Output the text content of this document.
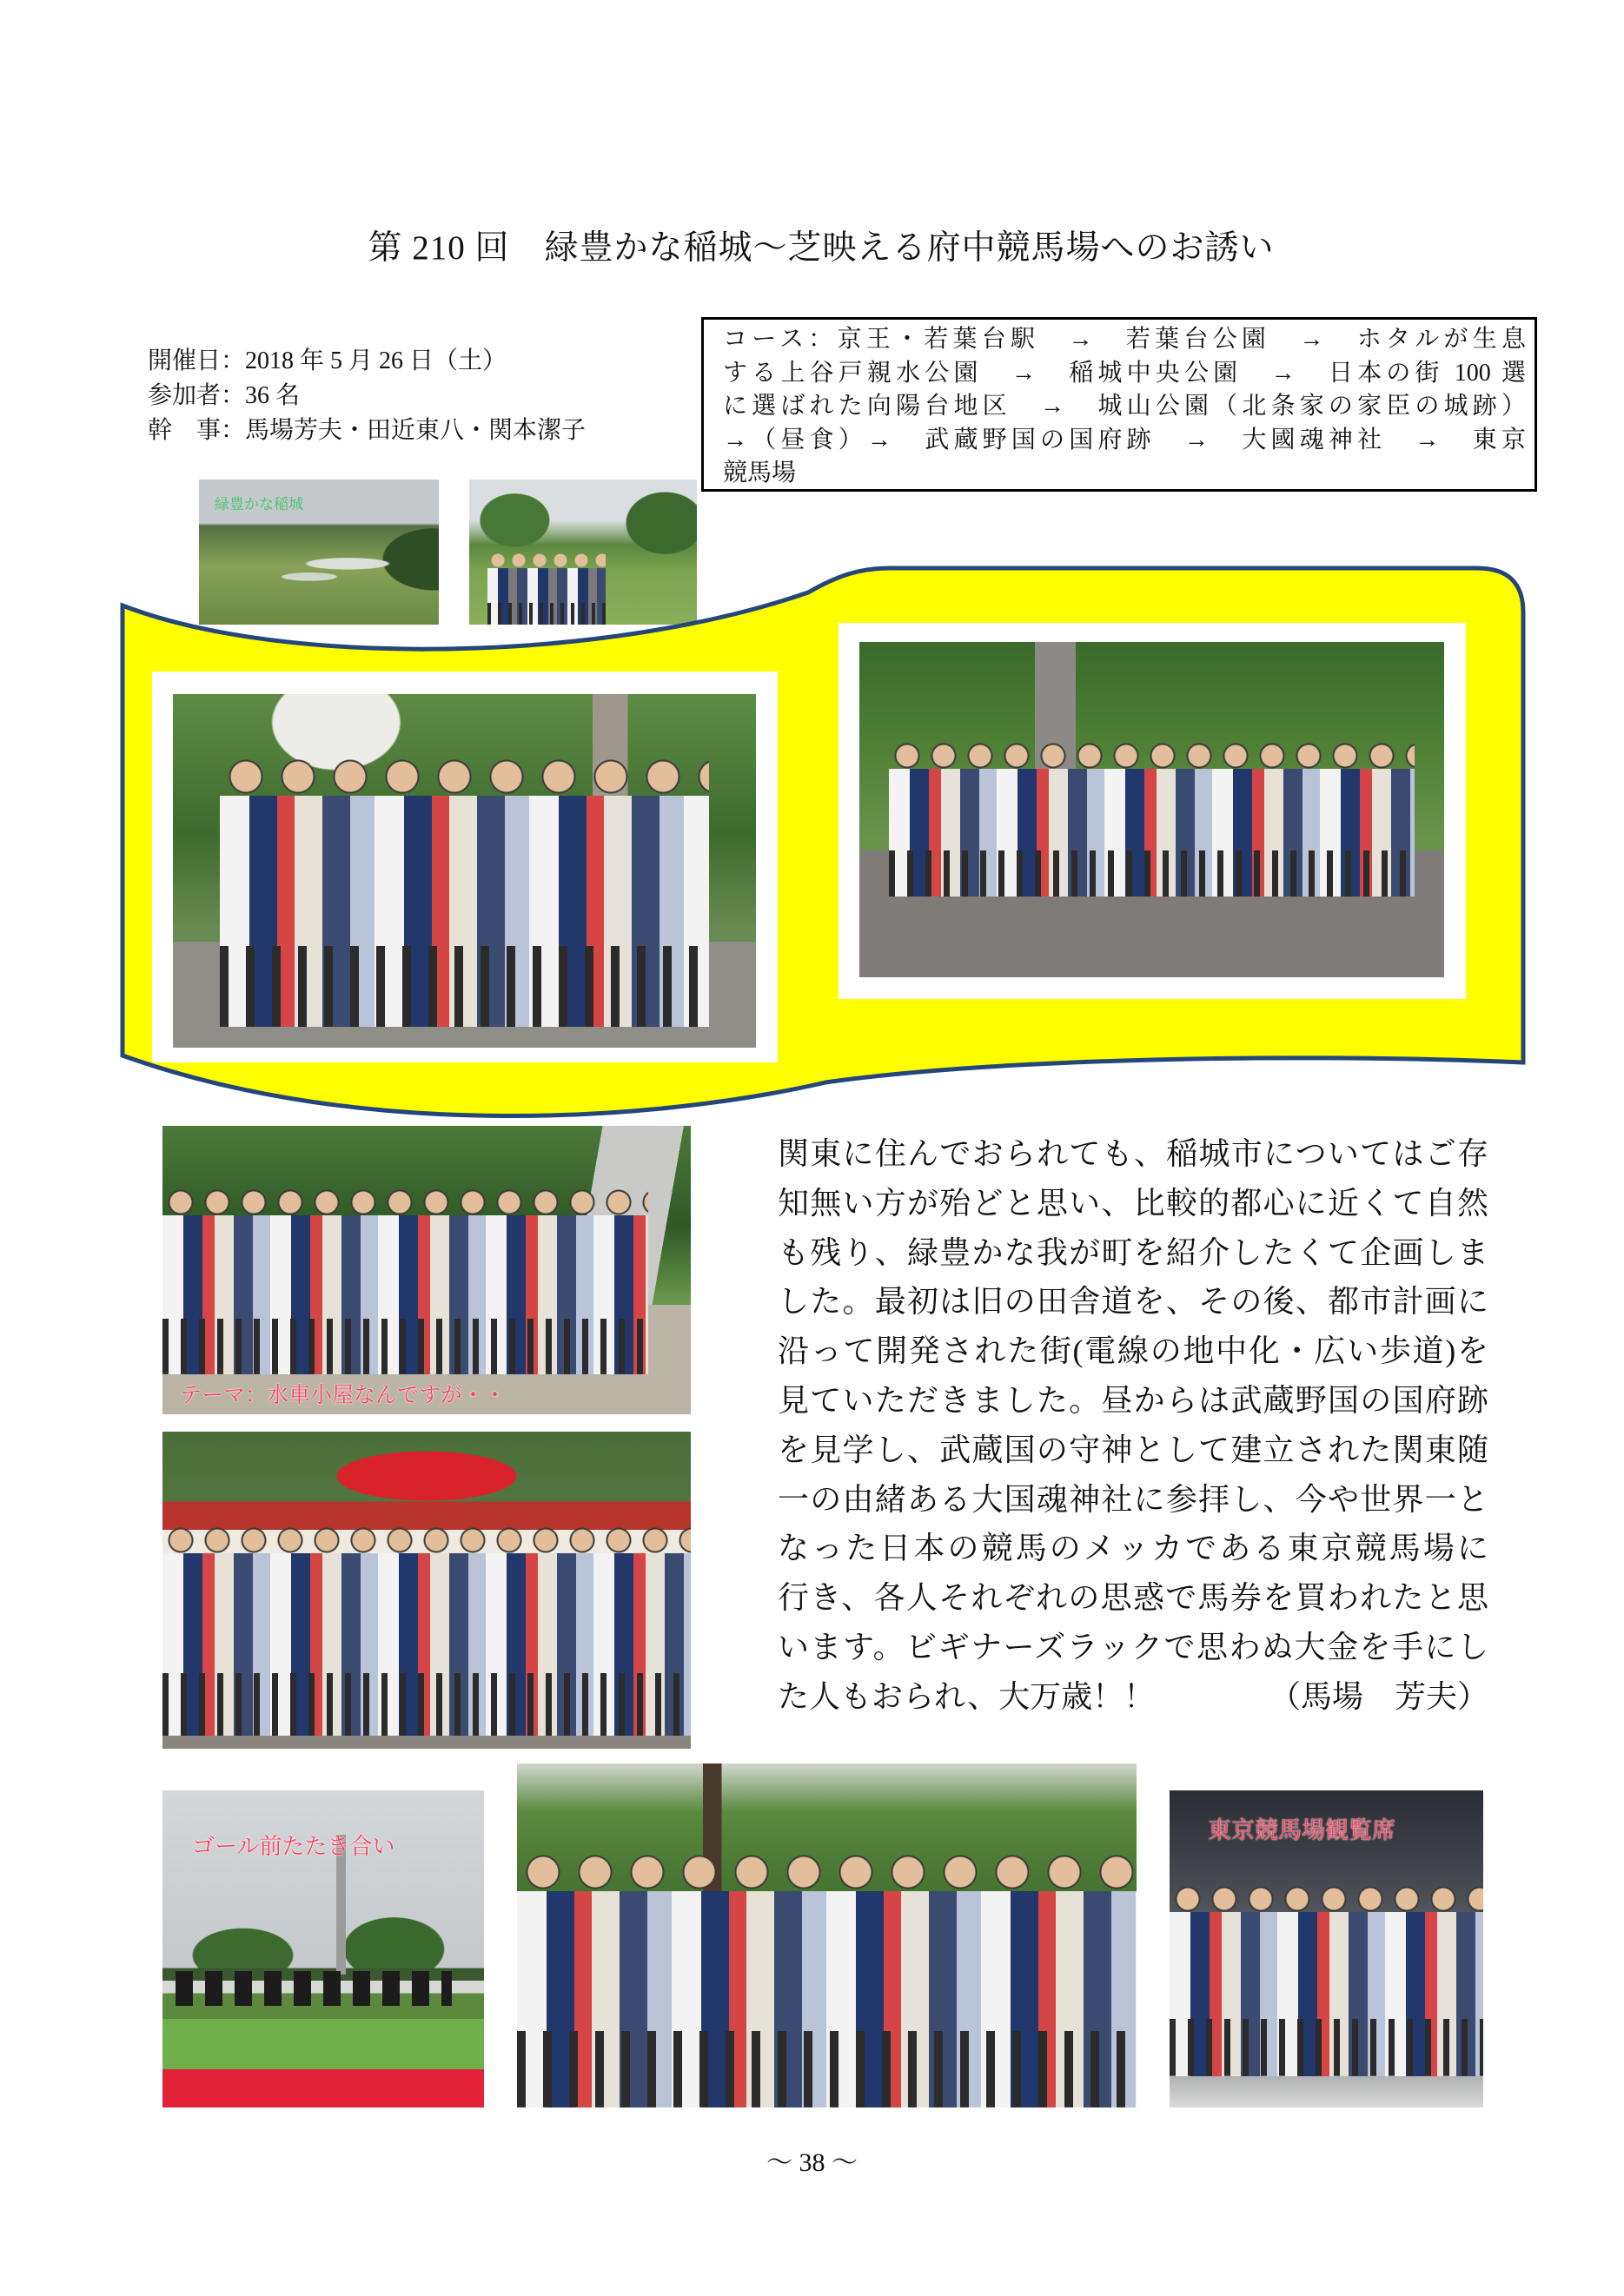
第 210 回　緑豊かな稲城～芝映える府中競馬場へのお誘い
開催日：2018 年 5 月 26 日（土）
参加者：36 名
幹　事：馬場芳夫・田近東八・関本潔子
コース：京王・若葉台駅　→　若葉台公園　→　ホタルが生息
する上谷戸親水公園　→　稲城中央公園　→　日本の街 100 選
に選ばれた向陽台地区　→　城山公園（北条家の家臣の城跡）
→（昼食）→　武蔵野国の国府跡　→　大國魂神社　→　東京
競馬場
緑豊かな稲城
テーマ：水車小屋なんですが・・
関東に住んでおられても、稲城市についてはご存
知無い方が殆どと思い、比較的都心に近くて自然
も残り、緑豊かな我が町を紹介したくて企画しま
した。最初は旧の田舎道を、その後、都市計画に
沿って開発された街(電線の地中化・広い歩道)を
見ていただきました。昼からは武蔵野国の国府跡
を見学し、武蔵国の守神として建立された関東随
一の由緒ある大国魂神社に参拝し、今や世界一と
なった日本の競馬のメッカである東京競馬場に
行き、各人それぞれの思惑で馬券を買われたと思
います。ビギナーズラックで思わぬ大金を手にし
た人もおられ、大万歳！！	（馬場　芳夫）
ゴール前たたき合い
東京競馬場観覧席
～ 38 ～
